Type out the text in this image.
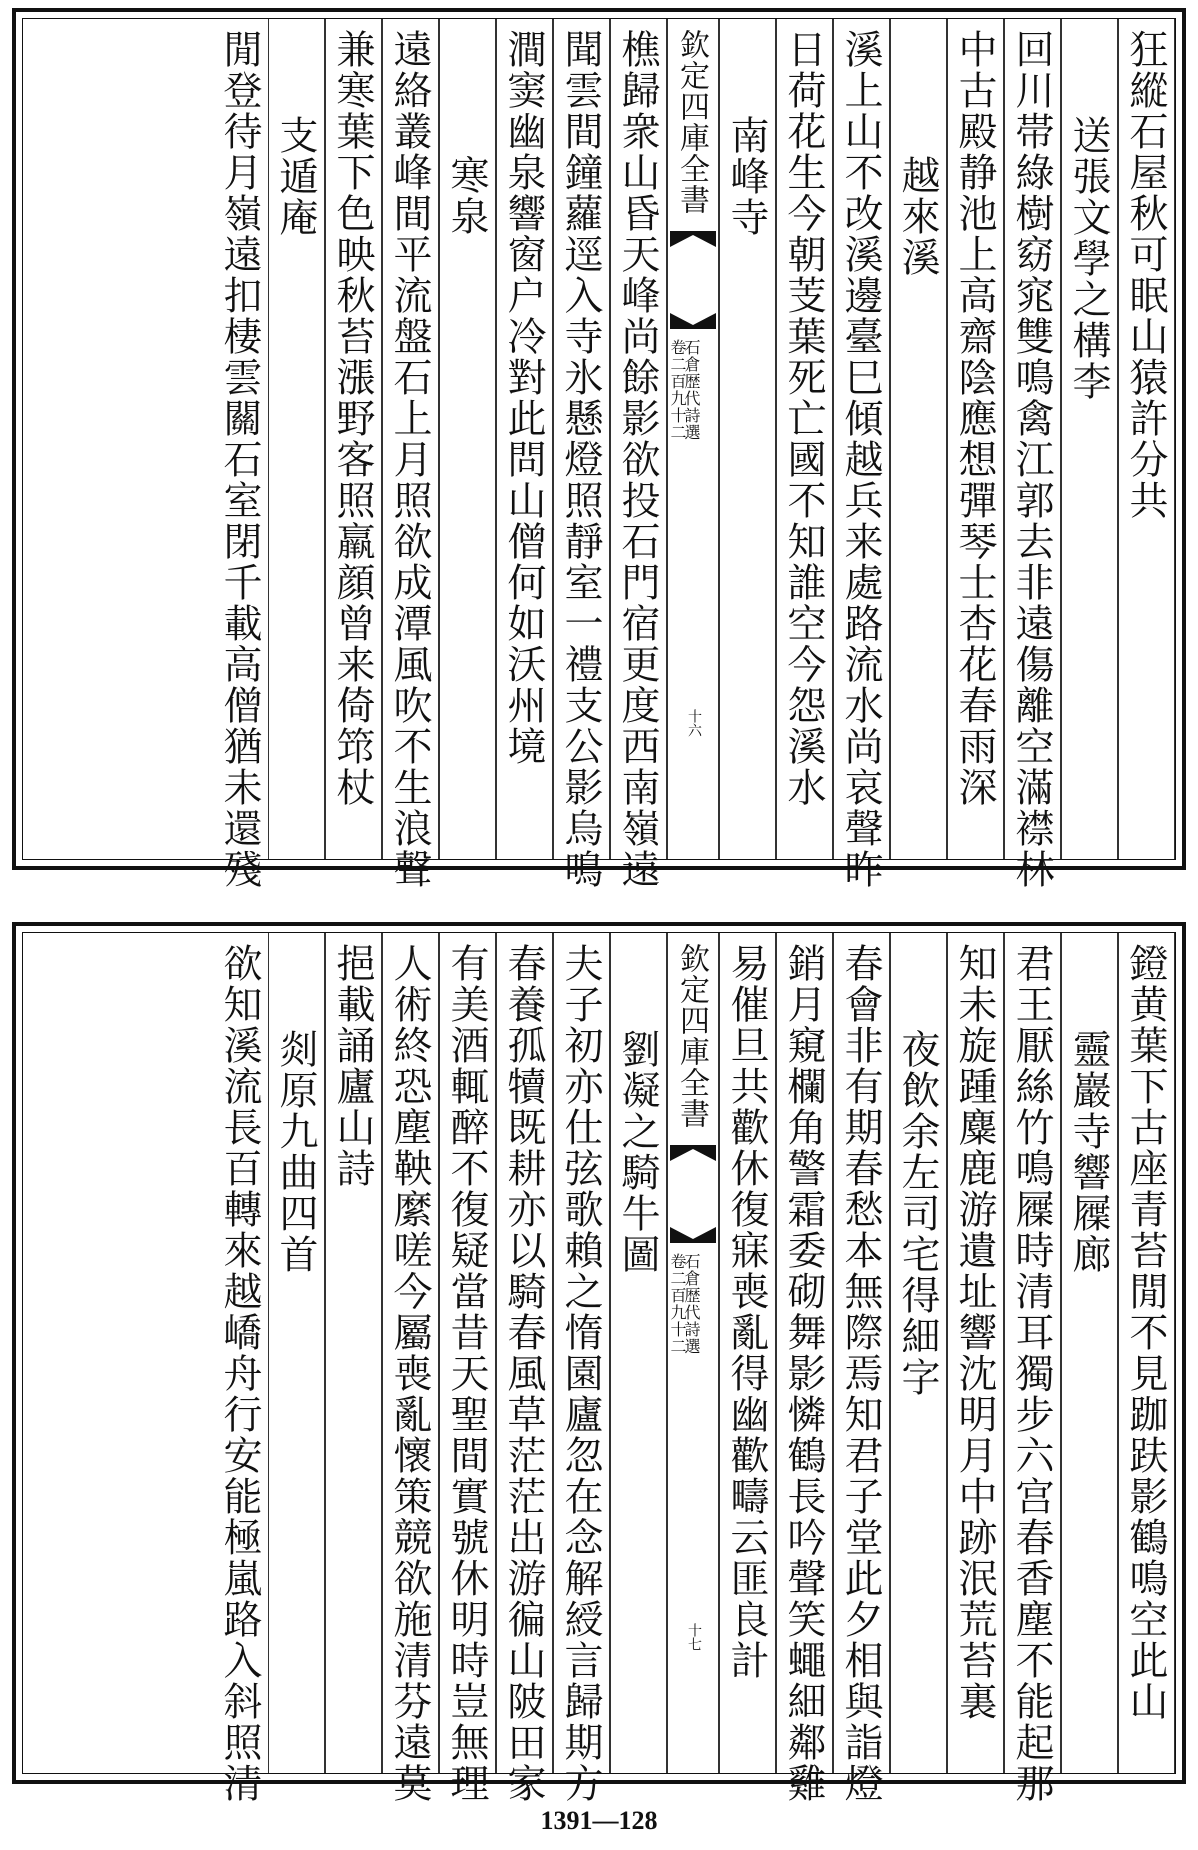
狂縱石屋秋可眠山猿許分共
送張文學之構李
回川帯綠樹窈窕雙鳴禽江郭去非遠傷離空滿襟林
中古殿静池上高齋陰應想彈琴士杏花春雨深
越來溪
溪上山不改溪邊臺巳傾越兵来處路流水尚哀聲昨
日荷花生今朝芰葉死亡國不知誰空今怨溪水
南峰寺
欽定四庫全書
石倉歴代詩選
卷二百九十二
十六
樵歸衆山昏天峰尚餘影欲投石門宿更度西南嶺遠
聞雲間鐘蘿逕入寺氷懸燈照靜室一禮支公影烏鳴
澗窦幽泉響窗户冷對此問山僧何如沃州境
寒泉
遠絡叢峰間平流盤石上月照欲成潭風吹不生浪聲
兼寒葉下色映秋苔漲野客照羸顔曾来倚筇杖
支遁庵
閒登待月嶺遠扣棲雲關石室閉千載高僧猶未還殘
鐙黄葉下古座青苔閒不見跏趺影鶴鳴空此山
靈巖寺響屧廊
君王厭絲竹鳴屧時清耳獨步六宫春香塵不能起那
知未旋踵麋鹿游遺址響沈明月中跡泯荒苔裏
夜飲余左司宅得細字
春會非有期春愁本無際焉知君子堂此夕相與詣燈
銷月窺欄角警霜委砌舞影憐鶴長吟聲笑蠅細鄰雞
易催旦共歡休復寐喪亂得幽歡疇云匪良計
欽定四庫全書
石倉歴代詩選
卷二百九十二
十七
劉凝之騎牛圖
夫子初亦仕弦歌賴之惰園廬忽在念解綬言歸期方
春養孤犢既耕亦以騎春風草茫茫出游徧山陂田家
有美酒輒醉不復疑當昔天聖間實號休明時豈無理
人術終恐塵鞅縻嗟今屬喪亂懷策競欲施清芬遠莫
挹載誦廬山詩
剡原九曲四首
欲知溪流長百轉來越嶠舟行安能極嵐路入斜照清
1391—128
